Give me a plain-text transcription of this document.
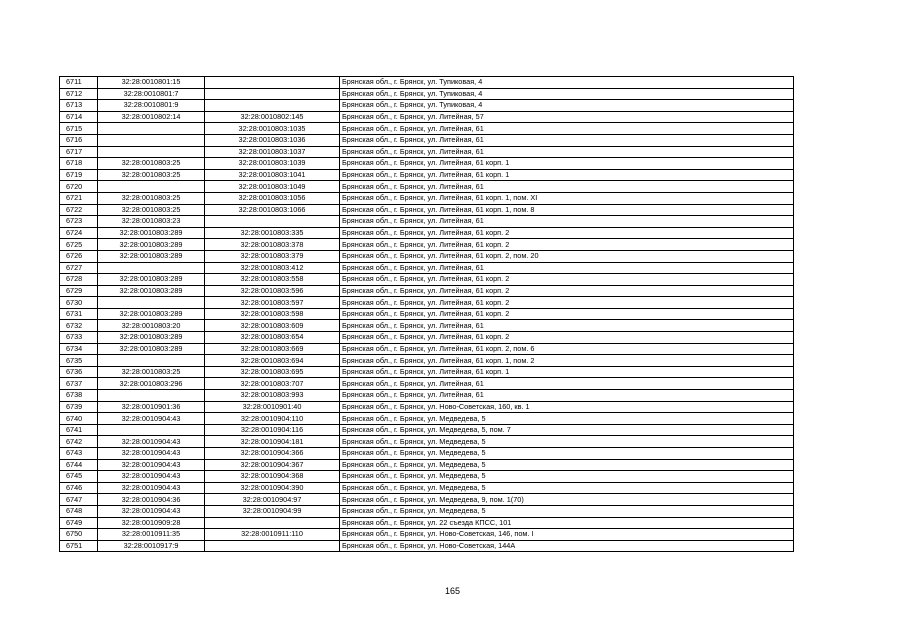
6711	32:28:0010801:15		Брянская обл., г. Брянск, ул. Тупиковая, 4
6712	32:28:0010801:7		Брянская обл., г. Брянск, ул. Тупиковая, 4
6713	32:28:0010801:9		Брянская обл., г. Брянск, ул. Тупиковая, 4
6714	32:28:0010802:14	32:28:0010802:145	Брянская обл., г. Брянск, ул. Литейная, 57
6715		32:28:0010803:1035	Брянская обл., г. Брянск, ул. Литейная, 61
6716		32:28:0010803:1036	Брянская обл., г. Брянск, ул. Литейная, 61
6717		32:28:0010803:1037	Брянская обл., г. Брянск, ул. Литейная, 61
6718	32:28:0010803:25	32:28:0010803:1039	Брянская обл., г. Брянск, ул. Литейная, 61 корп. 1
6719	32:28:0010803:25	32:28:0010803:1041	Брянская обл., г. Брянск, ул. Литейная, 61 корп. 1
6720		32:28:0010803:1049	Брянская обл., г. Брянск, ул. Литейная, 61
6721	32:28:0010803:25	32:28:0010803:1056	Брянская обл., г. Брянск, ул. Литейная, 61 корп. 1, пом. XI
6722	32:28:0010803:25	32:28:0010803:1066	Брянская обл., г. Брянск, ул. Литейная, 61 корп. 1, пом. 8
6723	32:28:0010803:23		Брянская обл., г. Брянск, ул. Литейная, 61
6724	32:28:0010803:289	32:28:0010803:335	Брянская обл., г. Брянск, ул. Литейная, 61 корп. 2
6725	32:28:0010803:289	32:28:0010803:378	Брянская обл., г. Брянск, ул. Литейная, 61 корп. 2
6726	32:28:0010803:289	32:28:0010803:379	Брянская обл., г. Брянск, ул. Литейная, 61 корп. 2, пом. 20
6727		32:28:0010803:412	Брянская обл., г. Брянск, ул. Литейная, 61
6728	32:28:0010803:289	32:28:0010803:558	Брянская обл., г. Брянск, ул. Литейная, 61 корп. 2
6729	32:28:0010803:289	32:28:0010803:596	Брянская обл., г. Брянск, ул. Литейная, 61 корп. 2
6730		32:28:0010803:597	Брянская обл., г. Брянск, ул. Литейная, 61 корп. 2
6731	32:28:0010803:289	32:28:0010803:598	Брянская обл., г. Брянск, ул. Литейная, 61 корп. 2
6732	32:28:0010803:20	32:28:0010803:609	Брянская обл., г. Брянск, ул. Литейная, 61
6733	32:28:0010803:289	32:28:0010803:654	Брянская обл., г. Брянск, ул. Литейная, 61 корп. 2
6734	32:28:0010803:289	32:28:0010803:669	Брянская обл., г. Брянск, ул. Литейная, 61 корп. 2, пом. 6
6735		32:28:0010803:694	Брянская обл., г. Брянск, ул. Литейная, 61 корп. 1, пом. 2
6736	32:28:0010803:25	32:28:0010803:695	Брянская обл., г. Брянск, ул. Литейная, 61 корп. 1
6737	32:28:0010803:296	32:28:0010803:707	Брянская обл., г. Брянск, ул. Литейная, 61
6738		32:28:0010803:993	Брянская обл., г. Брянск, ул. Литейная, 61
6739	32:28:0010901:36	32:28:0010901:40	Брянская обл., г. Брянск, ул. Ново-Советская, 160, кв. 1
6740	32:28:0010904:43	32:28:0010904:110	Брянская обл., г. Брянск, ул. Медведева, 5
6741		32:28:0010904:116	Брянская обл., г. Брянск, ул. Медведева, 5, пом. 7
6742	32:28:0010904:43	32:28:0010904:181	Брянская обл., г. Брянск, ул. Медведева, 5
6743	32:28:0010904:43	32:28:0010904:366	Брянская обл., г. Брянск, ул. Медведева, 5
6744	32:28:0010904:43	32:28:0010904:367	Брянская обл., г. Брянск, ул. Медведева, 5
6745	32:28:0010904:43	32:28:0010904:368	Брянская обл., г. Брянск, ул. Медведева, 5
6746	32:28:0010904:43	32:28:0010904:390	Брянская обл., г. Брянск, ул. Медведева, 5
6747	32:28:0010904:36	32:28:0010904:97	Брянская обл., г. Брянск, ул. Медведева, 9, пом. 1(70)
6748	32:28:0010904:43	32:28:0010904:99	Брянская обл., г. Брянск, ул. Медведева, 5
6749	32:28:0010909:28		Брянская обл., г. Брянск, ул. 22 съезда КПСС, 101
6750	32:28:0010911:35	32:28:0010911:110	Брянская обл., г. Брянск, ул. Ново-Советская, 146, пом. I
6751	32:28:0010917:9		Брянская обл., г. Брянск, ул. Ново-Советская, 144А
165
